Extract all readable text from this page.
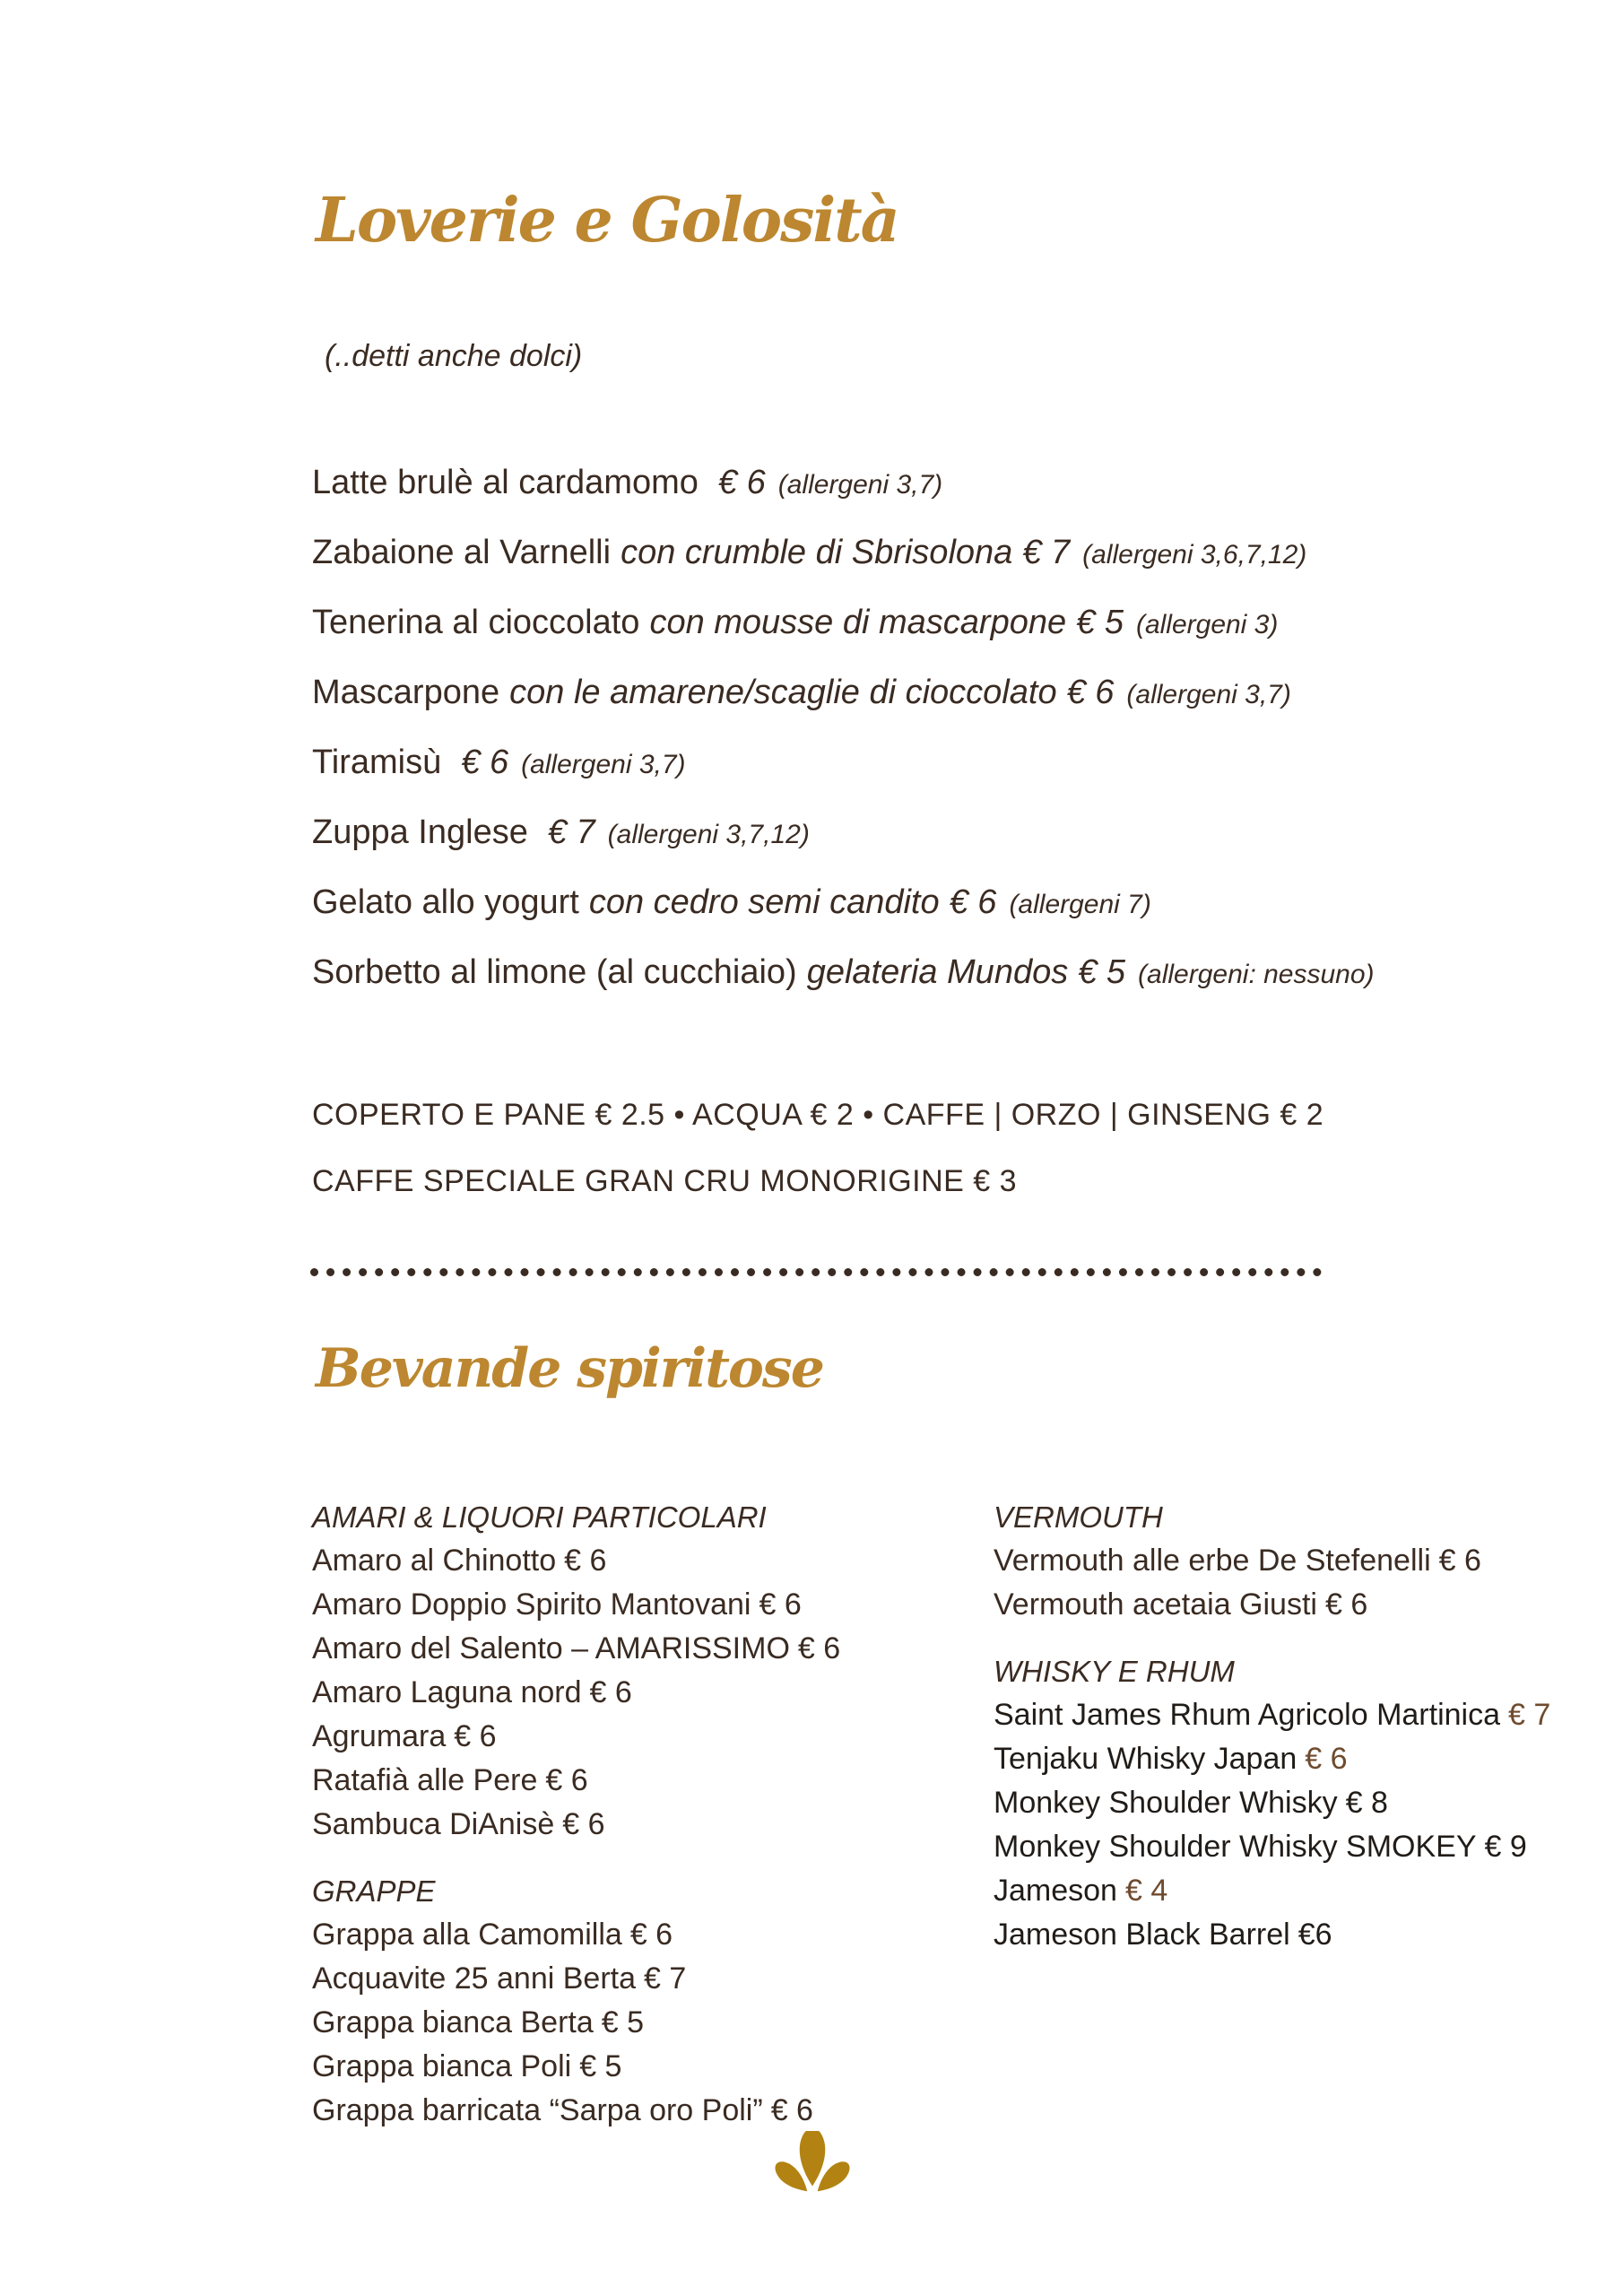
Loverie e Golosità
(..detti anche dolci)
Latte brulè al cardamomo € 6 (allergeni 3,7)
Zabaione al Varnelli con crumble di Sbrisolona € 7 (allergeni 3,6,7,12)
Tenerina al cioccolato con mousse di mascarpone € 5 (allergeni 3)
Mascarpone con le amarene/scaglie di cioccolato € 6 (allergeni 3,7)
Tiramisù € 6 (allergeni 3,7)
Zuppa Inglese € 7 (allergeni 3,7,12)
Gelato allo yogurt con cedro semi candito € 6 (allergeni 7)
Sorbetto al limone (al cucchiaio) gelateria Mundos € 5 (allergeni: nessuno)
COPERTO E PANE € 2.5 • ACQUA € 2 • CAFFE | ORZO | GINSENG € 2
CAFFE SPECIALE GRAN CRU MONORIGINE € 3
Bevande spiritose
AMARI & LIQUORI PARTICOLARI
Amaro al Chinotto € 6
Amaro Doppio Spirito Mantovani € 6
Amaro del Salento – AMARISSIMO € 6
Amaro Laguna nord € 6
Agrumara € 6
Ratafià alle Pere € 6
Sambuca DiAnisè € 6
GRAPPE
Grappa alla Camomilla € 6
Acquavite 25 anni Berta € 7
Grappa bianca Berta € 5
Grappa bianca Poli € 5
Grappa barricata “Sarpa oro Poli” € 6
VERMOUTH
Vermouth alle erbe De Stefenelli € 6
Vermouth acetaia Giusti € 6
WHISKY E RHUM
Saint James Rhum Agricolo Martinica € 7
Tenjaku Whisky Japan € 6
Monkey Shoulder Whisky € 8
Monkey Shoulder Whisky SMOKEY € 9
Jameson € 4
Jameson Black Barrel €6
